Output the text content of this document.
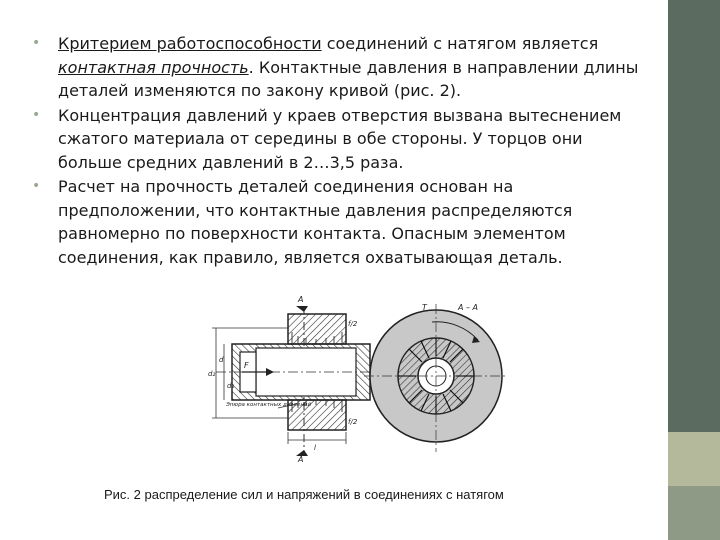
• Критерием работоспособности соединений с натягом является контактная прочность. Контактные давления в направлении длины деталей изменяются по закону кривой (рис. 2).
• Концентрация давлений у краев отверстия вызвана вытеснением сжатого материала от середины в обе стороны. У торцов они больше средних давлений в 2…3,5 раза.
• Расчет на прочность деталей соединения основан на предположении, что контактные давления распределяются равномерно по поверхности контакта. Опасным элементом соединения, как правило, является охватывающая деталь.
A
A
f/2
f/2
F
d₂
d
d₁
l
Эпюра контактных давлений
T	A – A
Рис. 2 распределение сил и напряжений в соединениях с натягом
